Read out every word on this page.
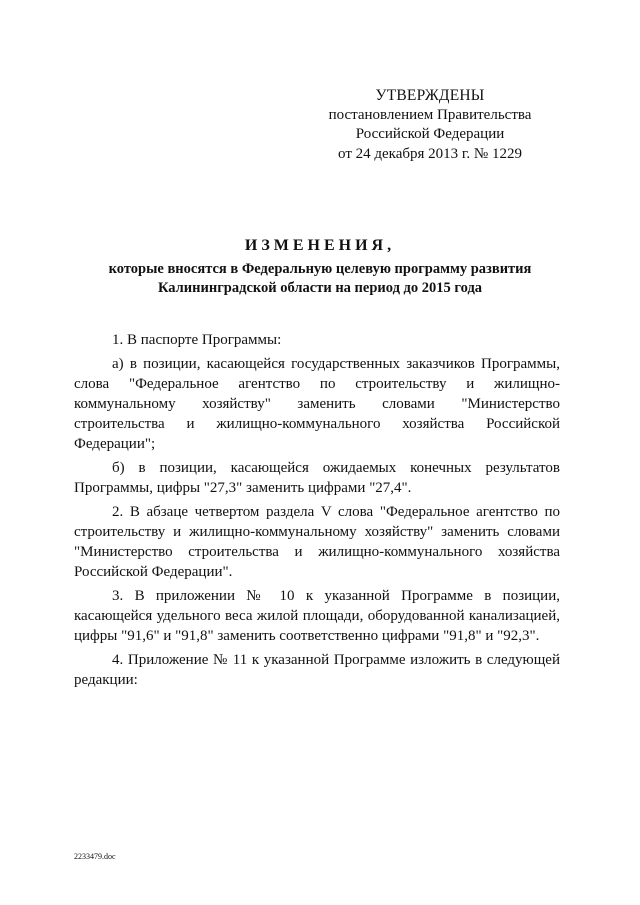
УТВЕРЖДЕНЫ
постановлением Правительства
Российской Федерации
от 24 декабря 2013 г. № 1229
ИЗМЕНЕНИЯ,
которые вносятся в Федеральную целевую программу развития
Калининградской области на период до 2015 года

1. В паспорте Программы:

а) в позиции, касающейся государственных заказчиков Программы, слова "Федеральное агентство по строительству и жилищно-коммунальному хозяйству" заменить словами "Министерство строительства и жилищно-коммунального хозяйства Российской Федерации";

б) в позиции, касающейся ожидаемых конечных результатов Программы, цифры "27,3" заменить цифрами "27,4".

2. В абзаце четвертом раздела V слова "Федеральное агентство по строительству и жилищно-коммунальному хозяйству" заменить словами "Министерство строительства и жилищно-коммунального хозяйства Российской Федерации".

3. В приложении № 10 к указанной Программе в позиции, касающейся удельного веса жилой площади, оборудованной канализацией, цифры "91,6" и "91,8" заменить соответственно цифрами "91,8" и "92,3".

4. Приложение № 11 к указанной Программе изложить в следующей редакции:

2233479.doc
